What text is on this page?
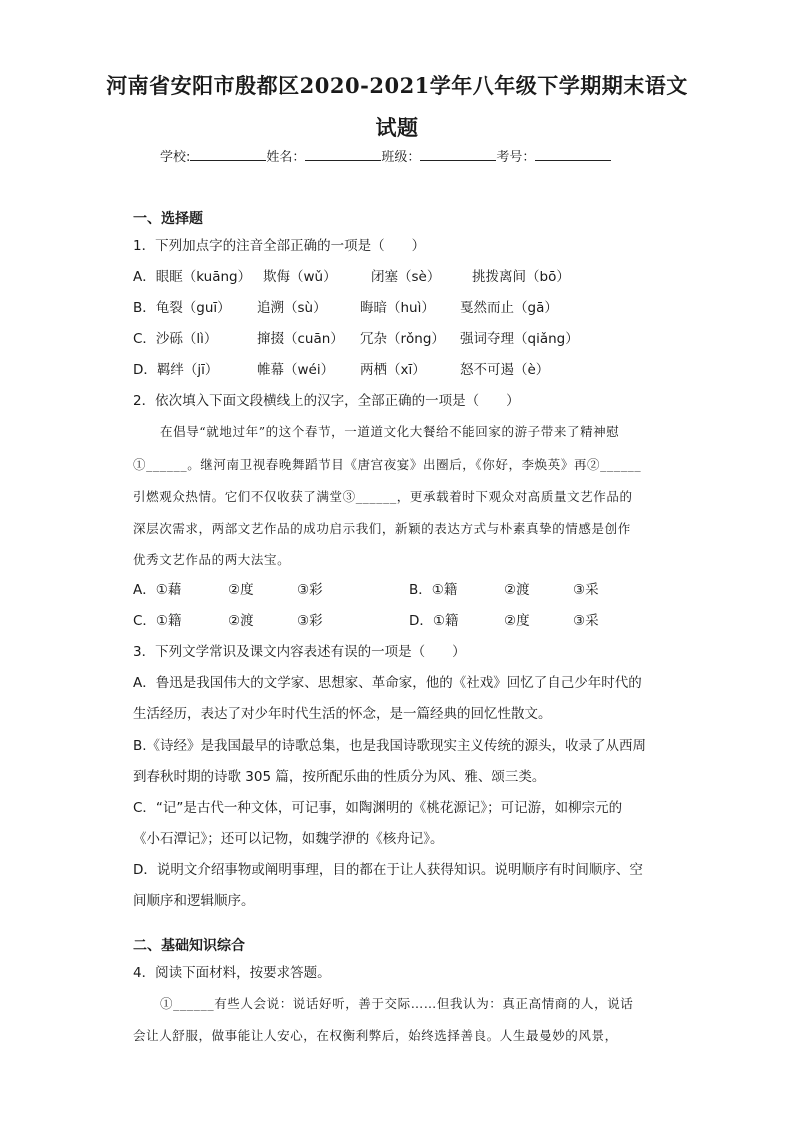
河南省安阳市殷都区2020-2021学年八年级下学期期末语文
试题
学校:	姓名：	班级：	考号：
一、选择题
1．下列加点字的注音全部正确的一项是（　　）
A．眼眶（kuāng） 欺侮（wǔ）	闭塞（sè） 挑拨离间（bō）
B．龟裂（guī） 追溯（sù） 晦暗（huì） 戛然而止（gā）
C．沙砾（lì）	撺掇（cuān） 冗杂（rǒng） 强词夺理（qiǎng）
D．羁绊（jī）	帷幕（wéi） 两栖（xī）	怒不可遏（è）
2．依次填入下面文段横线上的汉字，全部正确的一项是（　　）
在倡导“就地过年”的这个春节，一道道文化大餐给不能回家的游子带来了精神慰
①______。继河南卫视春晚舞蹈节目《唐宫夜宴》出圈后，《你好，李焕英》再②______
引燃观众热情。它们不仅收获了满堂③______，更承载着时下观众对高质量文艺作品的
深层次需求，两部文艺作品的成功启示我们，新颖的表达方式与朴素真挚的情感是创作
优秀文艺作品的两大法宝。
A．①藉	②度	③彩	B．①籍	②渡	③采
C．①籍	②渡	③彩	D．①籍	②度	③采
3．下列文学常识及课文内容表述有误的一项是（　　）
A．鲁迅是我国伟大的文学家、思想家、革命家，他的《社戏》回忆了自己少年时代的
生活经历，表达了对少年时代生活的怀念，是一篇经典的回忆性散文。
B.《诗经》是我国最早的诗歌总集，也是我国诗歌现实主义传统的源头，收录了从西周
到春秋时期的诗歌 305 篇，按所配乐曲的性质分为风、雅、颂三类。
C．“记”是古代一种文体，可记事，如陶渊明的《桃花源记》；可记游，如柳宗元的
《小石潭记》；还可以记物，如魏学洢的《核舟记》。
D．说明文介绍事物或阐明事理，目的都在于让人获得知识。说明顺序有时间顺序、空
间顺序和逻辑顺序。
二、基础知识综合
4．阅读下面材料，按要求答题。
①______有些人会说：说话好听，善于交际……但我认为：真正高情商的人，说话
会让人舒服，做事能让人安心，在权衡利弊后，始终选择善良。人生最曼妙的风景，
